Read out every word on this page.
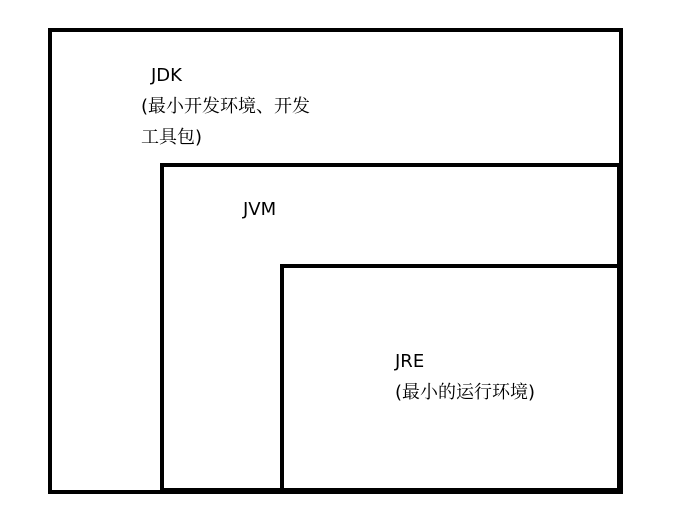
JDK
(最小开发环境、开发
工具包)
JVM
JRE
(最小的运行环境)
